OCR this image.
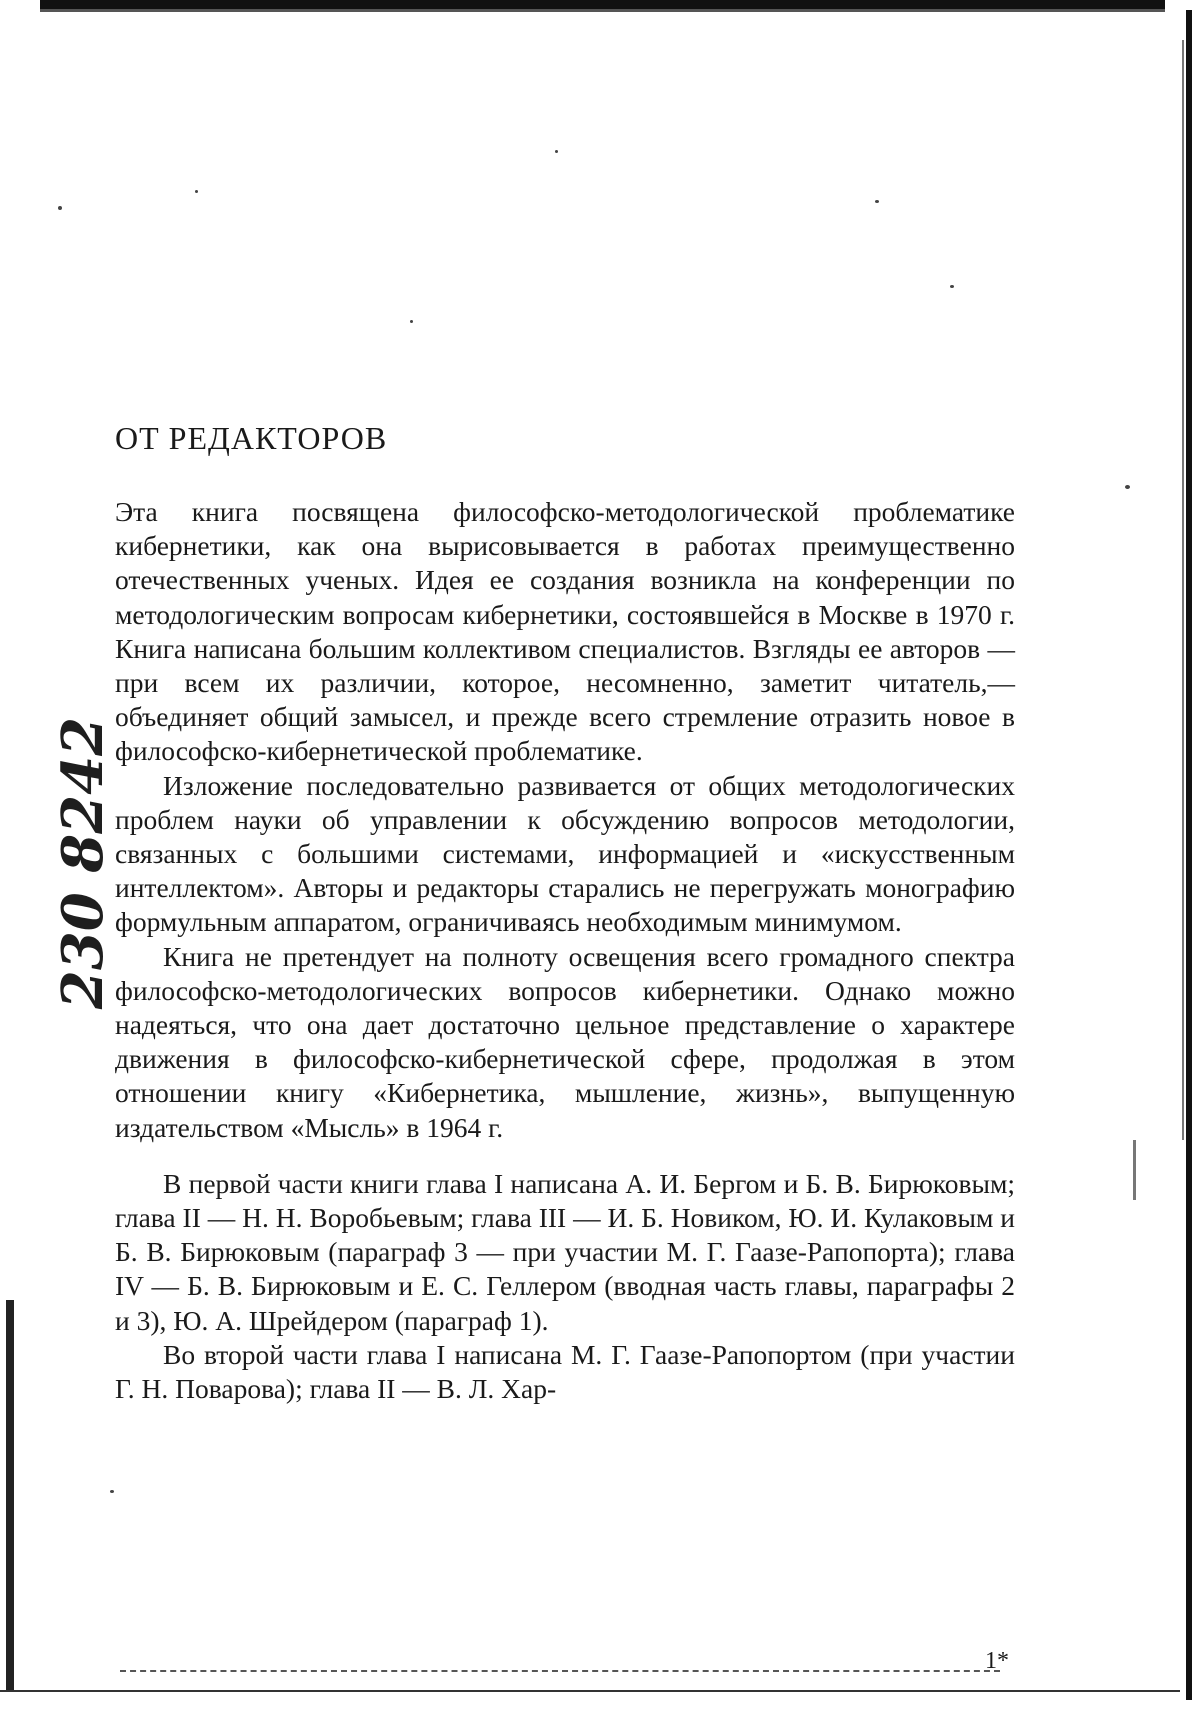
230 8242
ОТ РЕДАКТОРОВ

Эта книга посвящена философско-методологической проблематике кибернетики, как она вырисовывается в работах преимущественно отечественных ученых. Идея ее создания возникла на конференции по методологическим вопросам кибернетики, состоявшейся в Москве в 1970 г. Книга написана большим коллективом специалистов. Взгляды ее авторов — при всем их различии, которое, несомненно, заметит читатель,— объединяет общий замысел, и прежде всего стремление отразить новое в философско-кибернетической проблематике.

Изложение последовательно развивается от общих методологических проблем науки об управлении к обсуждению вопросов методологии, связанных с большими системами, информацией и «искусственным интеллектом». Авторы и редакторы старались не перегружать монографию формульным аппаратом, ограничиваясь необходимым минимумом.

Книга не претендует на полноту освещения всего громадного спектра философско-методологических вопросов кибернетики. Однако можно надеяться, что она дает достаточно цельное представление о характере движения в философско-кибернетической сфере, продолжая в этом отношении книгу «Кибернетика, мышление, жизнь», выпущенную издательством «Мысль» в 1964 г.

В первой части книги глава I написана А. И. Бергом и Б. В. Бирюковым; глава II — Н. Н. Воробьевым; глава III — И. Б. Новиком, Ю. И. Кулаковым и Б. В. Бирюковым (параграф 3 — при участии М. Г. Гаазе-Рапопорта); глава IV — Б. В. Бирюковым и Е. С. Геллером (вводная часть главы, параграфы 2 и 3), Ю. А. Шрейдером (параграф 1).

Во второй части глава I написана М. Г. Гаазе-Рапопортом (при участии Г. Н. Поварова); глава II — В. Л. Хар-

1*
